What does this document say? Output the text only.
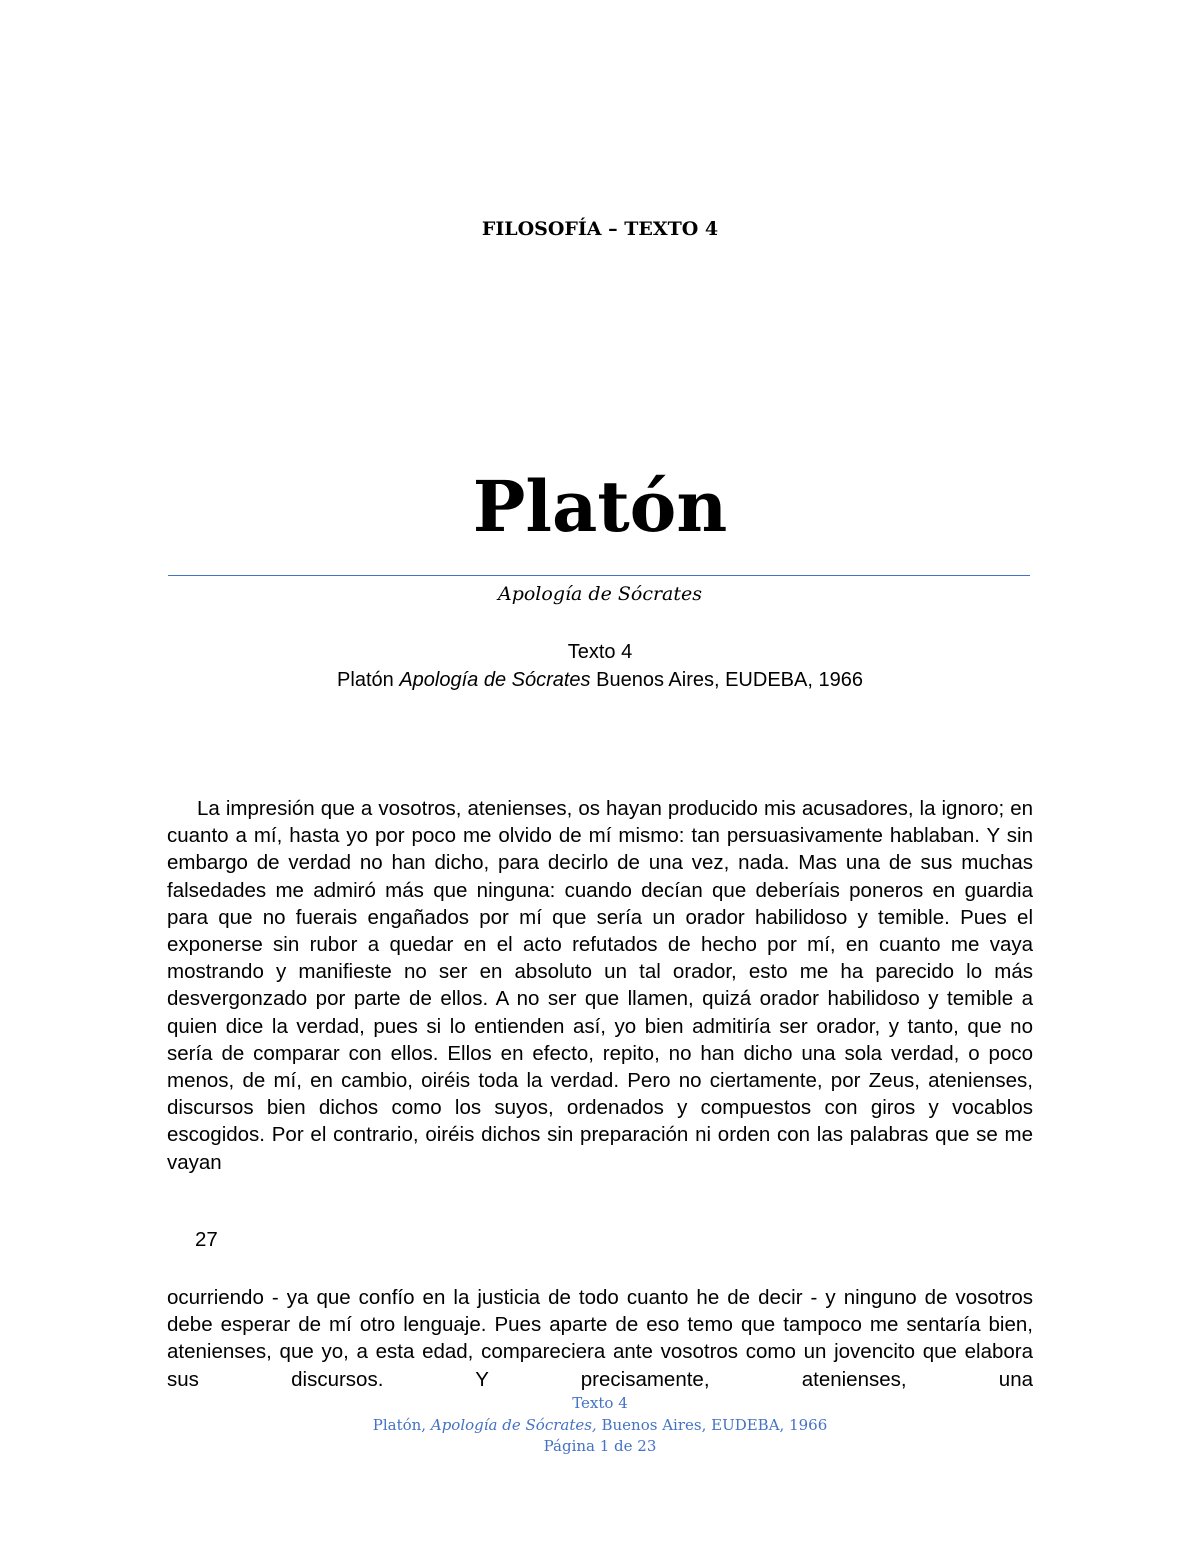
FILOSOFÍA – TEXTO 4
Platón
Apología de Sócrates
Texto 4
Platón Apología de Sócrates Buenos Aires, EUDEBA, 1966
La impresión que a vosotros, atenienses, os hayan producido mis acusadores, la ignoro; en cuanto a mí, hasta yo por poco me olvido de mí mismo: tan persuasivamente hablaban. Y sin embargo de verdad no han dicho, para decirlo de una vez, nada. Mas una de sus muchas falsedades me admiró más que ninguna: cuando decían que deberíais poneros en guardia para que no fuerais engañados por mí que sería un orador habilidoso y temible. Pues el exponerse sin rubor a quedar en el acto refutados de hecho por mí, en cuanto me vaya mostrando y manifieste no ser en absoluto un tal orador, esto me ha parecido lo más desvergonzado por parte de ellos. A no ser que llamen, quizá orador habilidoso y temible a quien dice la verdad, pues si lo entienden así, yo bien admitiría ser orador, y tanto, que no sería de comparar con ellos. Ellos en efecto, repito, no han dicho una sola verdad, o poco menos, de mí, en cambio, oiréis toda la verdad. Pero no ciertamente, por Zeus, atenienses, discursos bien dichos como los suyos, ordenados y compuestos con giros y vocablos escogidos. Por el contrario, oiréis dichos sin preparación ni orden con las palabras que se me vayan
27
ocurriendo - ya que confío en la justicia de todo cuanto he de decir - y ninguno de vosotros debe esperar de mí otro lenguaje. Pues aparte de eso temo que tampoco me sentaría bien, atenienses, que yo, a esta edad, compareciera ante vosotros como un jovencito que elabora sus discursos. Y precisamente, atenienses, una
Texto 4
Platón, Apología de Sócrates, Buenos Aires, EUDEBA, 1966
Página 1 de 23
